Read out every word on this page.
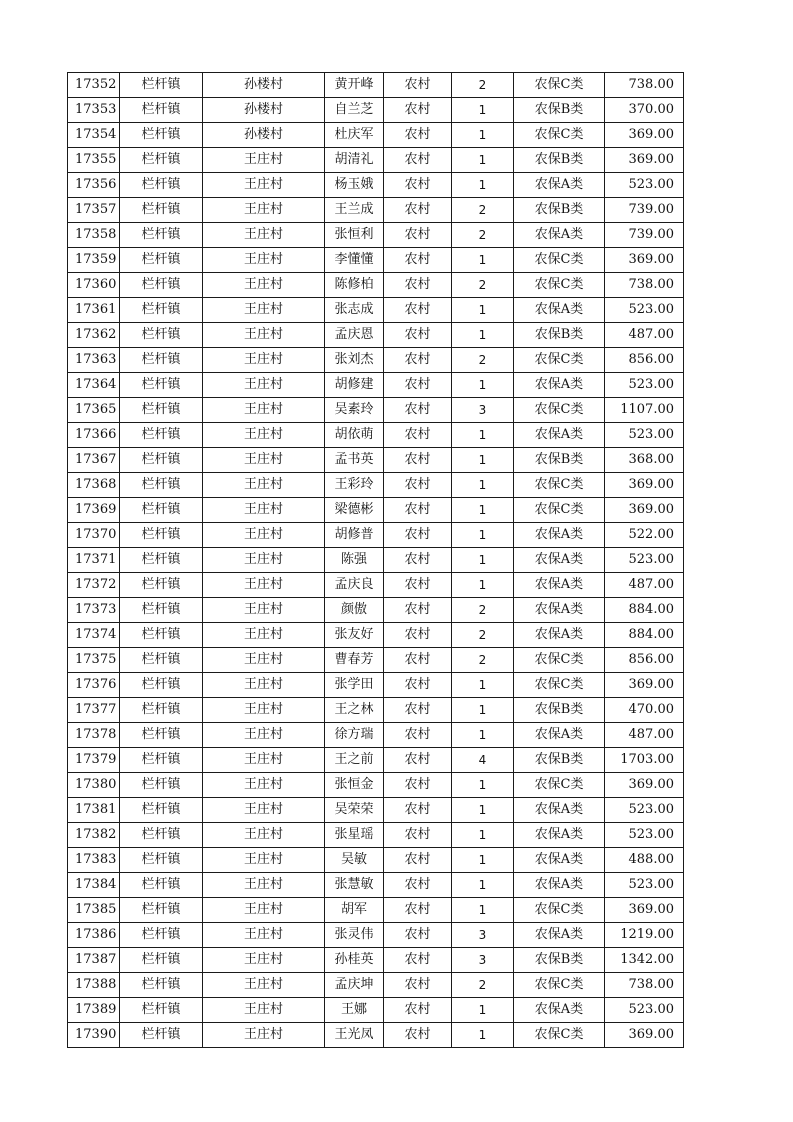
17352	栏杆镇	孙楼村	黄开峰	农村	2	农保C类	738.00
17353	栏杆镇	孙楼村	自兰芝	农村	1	农保B类	370.00
17354	栏杆镇	孙楼村	杜庆军	农村	1	农保C类	369.00
17355	栏杆镇	王庄村	胡清礼	农村	1	农保B类	369.00
17356	栏杆镇	王庄村	杨玉娥	农村	1	农保A类	523.00
17357	栏杆镇	王庄村	王兰成	农村	2	农保B类	739.00
17358	栏杆镇	王庄村	张恒利	农村	2	农保A类	739.00
17359	栏杆镇	王庄村	李懂懂	农村	1	农保C类	369.00
17360	栏杆镇	王庄村	陈修柏	农村	2	农保C类	738.00
17361	栏杆镇	王庄村	张志成	农村	1	农保A类	523.00
17362	栏杆镇	王庄村	孟庆恩	农村	1	农保B类	487.00
17363	栏杆镇	王庄村	张刘杰	农村	2	农保C类	856.00
17364	栏杆镇	王庄村	胡修建	农村	1	农保A类	523.00
17365	栏杆镇	王庄村	吴素玲	农村	3	农保C类	1107.00
17366	栏杆镇	王庄村	胡依萌	农村	1	农保A类	523.00
17367	栏杆镇	王庄村	孟书英	农村	1	农保B类	368.00
17368	栏杆镇	王庄村	王彩玲	农村	1	农保C类	369.00
17369	栏杆镇	王庄村	梁德彬	农村	1	农保C类	369.00
17370	栏杆镇	王庄村	胡修普	农村	1	农保A类	522.00
17371	栏杆镇	王庄村	陈强	农村	1	农保A类	523.00
17372	栏杆镇	王庄村	孟庆良	农村	1	农保A类	487.00
17373	栏杆镇	王庄村	颜傲	农村	2	农保A类	884.00
17374	栏杆镇	王庄村	张友好	农村	2	农保A类	884.00
17375	栏杆镇	王庄村	曹春芳	农村	2	农保C类	856.00
17376	栏杆镇	王庄村	张学田	农村	1	农保C类	369.00
17377	栏杆镇	王庄村	王之林	农村	1	农保B类	470.00
17378	栏杆镇	王庄村	徐方瑞	农村	1	农保A类	487.00
17379	栏杆镇	王庄村	王之前	农村	4	农保B类	1703.00
17380	栏杆镇	王庄村	张恒金	农村	1	农保C类	369.00
17381	栏杆镇	王庄村	吴荣荣	农村	1	农保A类	523.00
17382	栏杆镇	王庄村	张星瑶	农村	1	农保A类	523.00
17383	栏杆镇	王庄村	吴敏	农村	1	农保A类	488.00
17384	栏杆镇	王庄村	张慧敏	农村	1	农保A类	523.00
17385	栏杆镇	王庄村	胡军	农村	1	农保C类	369.00
17386	栏杆镇	王庄村	张灵伟	农村	3	农保A类	1219.00
17387	栏杆镇	王庄村	孙桂英	农村	3	农保B类	1342.00
17388	栏杆镇	王庄村	孟庆坤	农村	2	农保C类	738.00
17389	栏杆镇	王庄村	王娜	农村	1	农保A类	523.00
17390	栏杆镇	王庄村	王光凤	农村	1	农保C类	369.00
